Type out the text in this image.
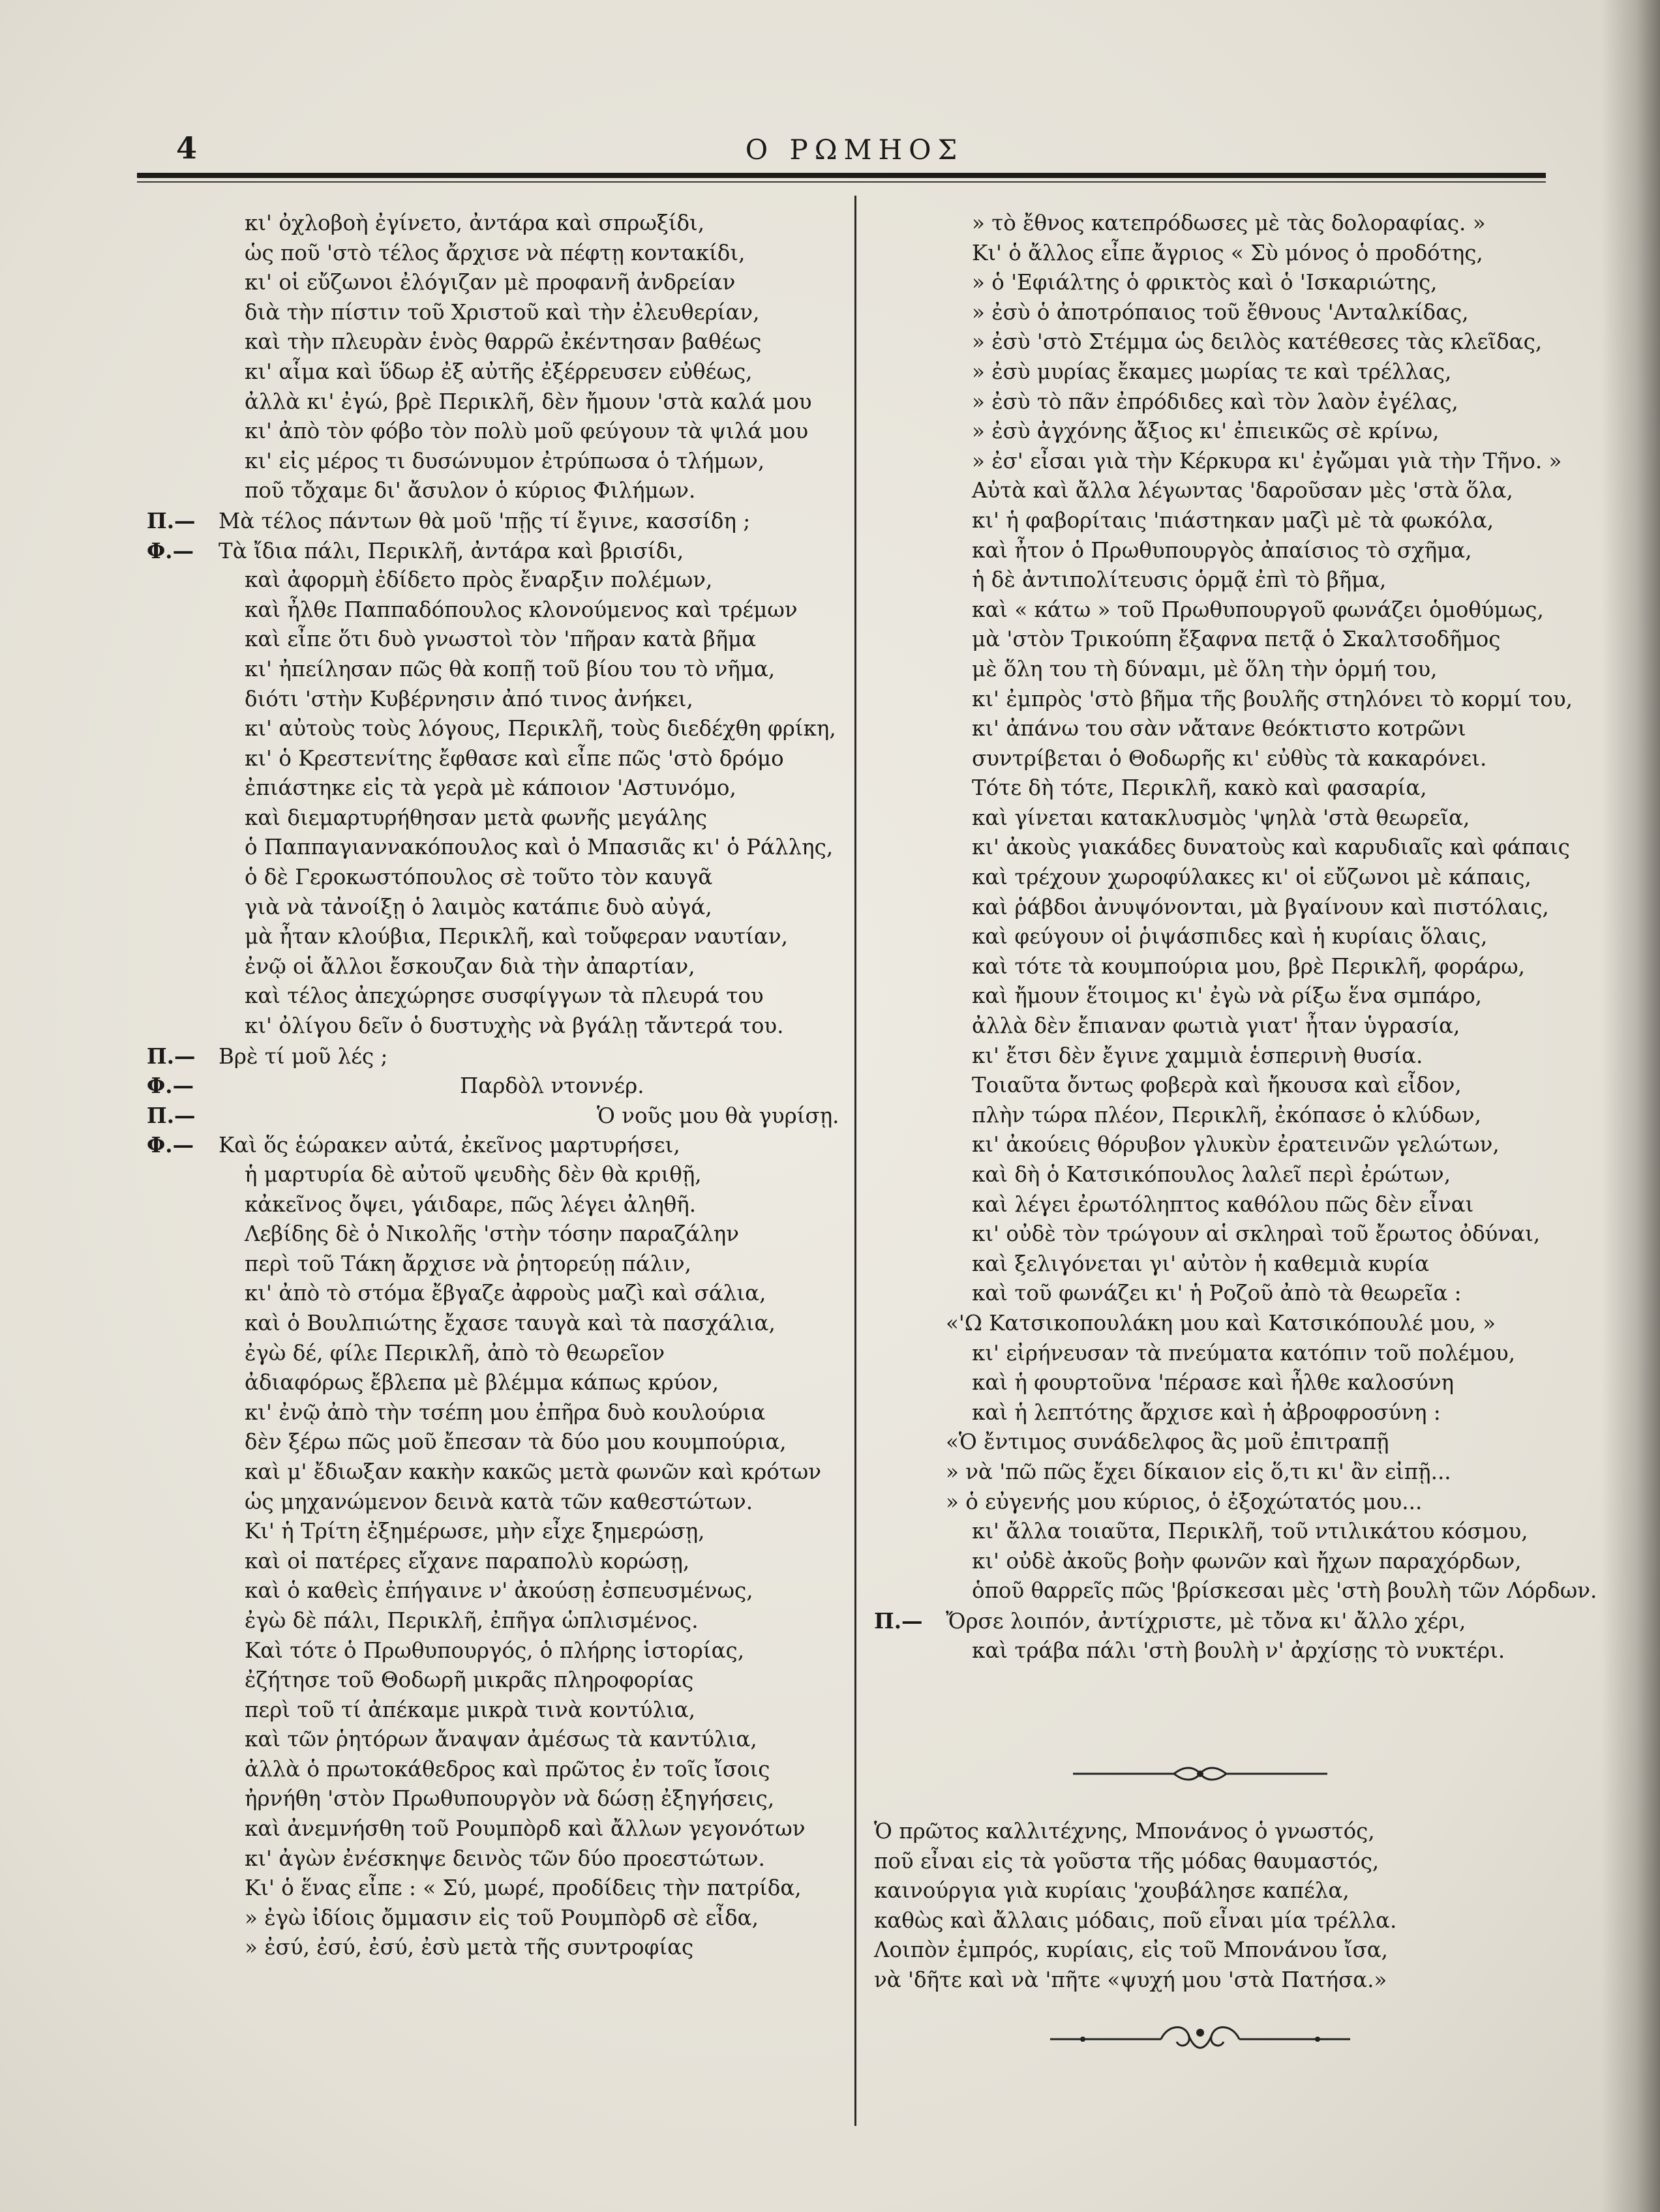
4	Ο ΡΩΜΗΟΣ
κι' ὀχλοβοὴ ἐγίνετο, ἀντάρα καὶ σπρωξίδι,
ὡς ποῦ 'στὸ τέλος ἄρχισε νὰ πέφτῃ κοντακίδι,
κι' οἱ εὔζωνοι ἐλόγιζαν μὲ προφανῆ ἀνδρείαν
διὰ τὴν πίστιν τοῦ Χριστοῦ καὶ τὴν ἐλευθερίαν,
καὶ τὴν πλευρὰν ἑνὸς θαρρῶ ἐκέντησαν βαθέως
κι' αἷμα καὶ ὕδωρ ἐξ αὐτῆς ἐξέρρευσεν εὐθέως,
ἀλλὰ κι' ἐγώ, βρὲ Περικλῆ, δὲν ἤμουν 'στὰ καλά μου
κι' ἀπὸ τὸν φόβο τὸν πολὺ μοῦ φεύγουν τὰ ψιλά μου
κι' εἰς μέρος τι δυσώνυμον ἐτρύπωσα ὁ τλήμων,
ποῦ τὄχαμε δι' ἄσυλον ὁ κύριος Φιλήμων.
Π.— Μὰ τέλος πάντων θὰ μοῦ 'πῇς τί ἔγινε, κασσίδη ;
Φ.— Τὰ ἴδια πάλι, Περικλῆ, ἀντάρα καὶ βρισίδι,
καὶ ἀφορμὴ ἐδίδετο πρὸς ἔναρξιν πολέμων,
καὶ ἦλθε Παππαδόπουλος κλονούμενος καὶ τρέμων
καὶ εἶπε ὅτι δυὸ γνωστοὶ τὸν 'πῆραν κατὰ βῆμα
κι' ἠπείλησαν πῶς θὰ κοπῇ τοῦ βίου του τὸ νῆμα,
διότι 'στὴν Κυβέρνησιν ἀπό τινος ἀνήκει,
κι' αὐτοὺς τοὺς λόγους, Περικλῆ, τοὺς διεδέχθη φρίκη,
κι' ὁ Κρεστενίτης ἔφθασε καὶ εἶπε πῶς 'στὸ δρόμο
ἐπιάστηκε εἰς τὰ γερὰ μὲ κάποιον 'Αστυνόμο,
καὶ διεμαρτυρήθησαν μετὰ φωνῆς μεγάλης
ὁ Παππαγιαννακόπουλος καὶ ὁ Μπασιᾶς κι' ὁ Ράλλης,
ὁ δὲ Γεροκωστόπουλος σὲ τοῦτο τὸν καυγᾶ
γιὰ νὰ τἀνοίξῃ ὁ λαιμὸς κατάπιε δυὸ αὐγά,
μὰ ἦταν κλούβια, Περικλῆ, καὶ τοὔφεραν ναυτίαν,
ἐνῷ οἱ ἄλλοι ἔσκουζαν διὰ τὴν ἀπαρτίαν,
καὶ τέλος ἀπεχώρησε συσφίγγων τὰ πλευρά του
κι' ὀλίγου δεῖν ὁ δυστυχὴς νὰ βγάλῃ τἄντερά του.
Π.— Βρὲ τί μοῦ λές ;
Φ.—	Παρδὸλ ντοννέρ.
Π.—	Ὁ νοῦς μου θὰ γυρίσῃ.
Φ.— Καὶ ὅς ἑώρακεν αὐτά, ἐκεῖνος μαρτυρήσει,
ἡ μαρτυρία δὲ αὐτοῦ ψευδὴς δὲν θὰ κριθῇ,
κἀκεῖνος ὄψει, γάιδαρε, πῶς λέγει ἀληθῆ.
Λεβίδης δὲ ὁ Νικολῆς 'στὴν τόσην παραζάλην
περὶ τοῦ Τάκη ἄρχισε νὰ ῥητορεύῃ πάλιν,
κι' ἀπὸ τὸ στόμα ἔβγαζε ἀφροὺς μαζὶ καὶ σάλια,
καὶ ὁ Βουλπιώτης ἔχασε ταυγὰ καὶ τὰ πασχάλια,
ἐγὼ δέ, φίλε Περικλῆ, ἀπὸ τὸ θεωρεῖον
ἀδιαφόρως ἔβλεπα μὲ βλέμμα κάπως κρύον,
κι' ἐνῷ ἀπὸ τὴν τσέπη μου ἐπῆρα δυὸ κουλούρια
δὲν ξέρω πῶς μοῦ ἔπεσαν τὰ δύο μου κουμπούρια,
καὶ μ' ἔδιωξαν κακὴν κακῶς μετὰ φωνῶν καὶ κρότων
ὡς μηχανώμενον δεινὰ κατὰ τῶν καθεστώτων.
Κι' ἡ Τρίτη ἐξημέρωσε, μὴν εἶχε ξημερώσῃ,
καὶ οἱ πατέρες εἴχανε παραπολὺ κορώσῃ,
καὶ ὁ καθεὶς ἐπήγαινε ν' ἀκούσῃ ἐσπευσμένως,
ἐγὼ δὲ πάλι, Περικλῆ, ἐπῆγα ὡπλισμένος.
Καὶ τότε ὁ Πρωθυπουργός, ὁ πλήρης ἱστορίας,
ἐζήτησε τοῦ Θοδωρῆ μικρᾶς πληροφορίας
περὶ τοῦ τί ἀπέκαμε μικρὰ τινὰ κοντύλια,
καὶ τῶν ῥητόρων ἄναψαν ἀμέσως τὰ καντύλια,
ἀλλὰ ὁ πρωτοκάθεδρος καὶ πρῶτος ἐν τοῖς ἴσοις
ἠρνήθη 'στὸν Πρωθυπουργὸν νὰ δώσῃ ἐξηγήσεις,
καὶ ἀνεμνήσθη τοῦ Ρουμπὸρδ καὶ ἄλλων γεγονότων
κι' ἀγὼν ἐνέσκηψε δεινὸς τῶν δύο προεστώτων.
Κι' ὁ ἕνας εἶπε : « Σύ, μωρέ, προδίδεις τὴν πατρίδα,
» ἐγὼ ἰδίοις ὄμμασιν εἰς τοῦ Ρουμπὸρδ σὲ εἶδα,
» ἐσύ, ἐσύ, ἐσύ, ἐσὺ μετὰ τῆς συντροφίας
» τὸ ἔθνος κατεπρόδωσες μὲ τὰς δολοραφίας. »
Κι' ὁ ἄλλος εἶπε ἄγριος « Σὺ μόνος ὁ προδότης,
» ὁ 'Εφιάλτης ὁ φρικτὸς καὶ ὁ 'Ισκαριώτης,
» ἐσὺ ὁ ἀποτρόπαιος τοῦ ἔθνους 'Ανταλκίδας,
» ἐσὺ 'στὸ Στέμμα ὡς δειλὸς κατέθεσες τὰς κλεῖδας,
» ἐσὺ μυρίας ἔκαμες μωρίας τε καὶ τρέλλας,
» ἐσὺ τὸ πᾶν ἐπρόδιδες καὶ τὸν λαὸν ἐγέλας,
» ἐσὺ ἀγχόνης ἄξιος κι' ἐπιεικῶς σὲ κρίνω,
» ἐσ' εἶσαι γιὰ τὴν Κέρκυρα κι' ἐγὤμαι γιὰ τὴν Τῆνο. »
Αὐτὰ καὶ ἄλλα λέγωντας 'δαροῦσαν μὲς 'στὰ ὅλα,
κι' ἡ φαβορίταις 'πιάστηκαν μαζὶ μὲ τὰ φωκόλα,
καὶ ἦτον ὁ Πρωθυπουργὸς ἀπαίσιος τὸ σχῆμα,
ἡ δὲ ἀντιπολίτευσις ὁρμᾷ ἐπὶ τὸ βῆμα,
καὶ « κάτω » τοῦ Πρωθυπουργοῦ φωνάζει ὁμοθύμως,
μὰ 'στὸν Τρικούπη ἔξαφνα πετᾷ ὁ Σκαλτσοδῆμος
μὲ ὅλη του τὴ δύναμι, μὲ ὅλη τὴν ὁρμή του,
κι' ἐμπρὸς 'στὸ βῆμα τῆς βουλῆς στηλόνει τὸ κορμί του,
κι' ἀπάνω του σὰν νἄτανε θεόκτιστο κοτρῶνι
συντρίβεται ὁ Θοδωρῆς κι' εὐθὺς τὰ κακαρόνει.
Τότε δὴ τότε, Περικλῆ, κακὸ καὶ φασαρία,
καὶ γίνεται κατακλυσμὸς 'ψηλὰ 'στὰ θεωρεῖα,
κι' ἀκοὺς γιακάδες δυνατοὺς καὶ καρυδιαῖς καὶ φάπαις
καὶ τρέχουν χωροφύλακες κι' οἱ εὔζωνοι μὲ κάπαις,
καὶ ῥάβδοι ἀνυψόνονται, μὰ βγαίνουν καὶ πιστόλαις,
καὶ φεύγουν οἱ ῥιψάσπιδες καὶ ἡ κυρίαις ὅλαις,
καὶ τότε τὰ κουμπούρια μου, βρὲ Περικλῆ, φοράρω,
καὶ ἤμουν ἕτοιμος κι' ἐγὼ νὰ ρίξω ἕνα σμπάρο,
ἀλλὰ δὲν ἔπιαναν φωτιὰ γιατ' ἦταν ὑγρασία,
κι' ἔτσι δὲν ἔγινε χαμμιὰ ἑσπερινὴ θυσία.
Τοιαῦτα ὄντως φοβερὰ καὶ ἤκουσα καὶ εἶδον,
πλὴν τώρα πλέον, Περικλῆ, ἐκόπασε ὁ κλύδων,
κι' ἀκούεις θόρυβον γλυκὺν ἐρατεινῶν γελώτων,
καὶ δὴ ὁ Κατσικόπουλος λαλεῖ περὶ ἐρώτων,
καὶ λέγει ἐρωτόληπτος καθόλου πῶς δὲν εἶναι
κι' οὐδὲ τὸν τρώγουν αἱ σκληραὶ τοῦ ἔρωτος ὀδύναι,
καὶ ξελιγόνεται γι' αὐτὸν ἡ καθεμιὰ κυρία
καὶ τοῦ φωνάζει κι' ἡ Ροζοῦ ἀπὸ τὰ θεωρεῖα :
«'Ω Κατσικοπουλάκη μου καὶ Κατσικόπουλέ μου, »
κι' εἰρήνευσαν τὰ πνεύματα κατόπιν τοῦ πολέμου,
καὶ ἡ φουρτοῦνα 'πέρασε καὶ ἦλθε καλοσύνη
καὶ ἡ λεπτότης ἄρχισε καὶ ἡ ἀβροφροσύνη :
«Ὁ ἔντιμος συνάδελφος ἂς μοῦ ἐπιτραπῇ
» νὰ 'πῶ πῶς ἔχει δίκαιον εἰς ὅ,τι κι' ἂν εἰπῇ...
» ὁ εὐγενής μου κύριος, ὁ ἐξοχώτατός μου...
κι' ἄλλα τοιαῦτα, Περικλῆ, τοῦ ντιλικάτου κόσμου,
κι' οὐδὲ ἀκοῦς βοὴν φωνῶν καὶ ἤχων παραχόρδων,
ὁποῦ θαρρεῖς πῶς 'βρίσκεσαι μὲς 'στὴ βουλὴ τῶν Λόρδων.
Π.— Ὄρσε λοιπόν, ἀντίχριστε, μὲ τὄνα κι' ἄλλο χέρι,
καὶ τράβα πάλι 'στὴ βουλὴ ν' ἀρχίσῃς τὸ νυκτέρι.
Ὁ πρῶτος καλλιτέχνης, Μπονάνος ὁ γνωστός,
ποῦ εἶναι εἰς τὰ γοῦστα τῆς μόδας θαυμαστός,
καινούργια γιὰ κυρίαις 'χουβάλησε καπέλα,
καθὼς καὶ ἄλλαις μόδαις, ποῦ εἶναι μία τρέλλα.
Λοιπὸν ἐμπρός, κυρίαις, εἰς τοῦ Μπονάνου ἴσα,
νὰ 'δῆτε καὶ νὰ 'πῆτε «ψυχή μου 'στὰ Πατήσα.»
